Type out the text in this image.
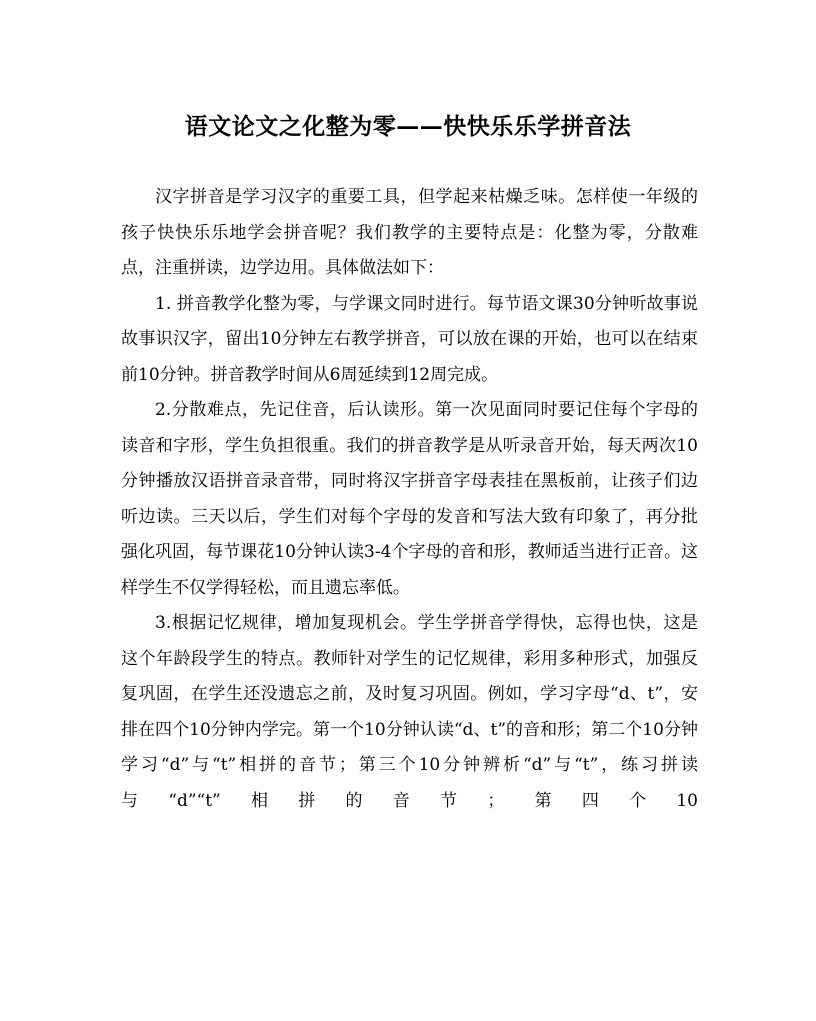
语文论文之化整为零——快快乐乐学拼音法

汉字拼音是学习汉字的重要工具，但学起来枯燥乏味。怎样使一年级的孩子快快乐乐地学会拼音呢？我们教学的主要特点是：化整为零，分散难点，注重拼读，边学边用。具体做法如下：

1. 拼音教学化整为零，与学课文同时进行。每节语文课30分钟听故事说故事识汉字，留出10分钟左右教学拼音，可以放在课的开始，也可以在结束前10分钟。拼音教学时间从6周延续到12周完成。

2.分散难点，先记住音，后认读形。第一次见面同时要记住每个字母的读音和字形，学生负担很重。我们的拼音教学是从听录音开始，每天两次10分钟播放汉语拼音录音带，同时将汉字拼音字母表挂在黑板前，让孩子们边听边读。三天以后，学生们对每个字母的发音和写法大致有印象了，再分批强化巩固，每节课花10分钟认读3-4个字母的音和形，教师适当进行正音。这样学生不仅学得轻松，而且遗忘率低。

3.根据记忆规律，增加复现机会。学生学拼音学得快，忘得也快，这是这个年龄段学生的特点。教师针对学生的记忆规律，彩用多种形式，加强反复巩固，在学生还没遗忘之前，及时复习巩固。例如，学习字母“d、t”，安排在四个10分钟内学完。第一个10分钟认读“d、t”的音和形；第二个10分钟学习“d”与“t”相拼的音节；第三个10分钟辨析“d”与“t”，练习拼读与“d”“t”相拼的音节；第四个10
